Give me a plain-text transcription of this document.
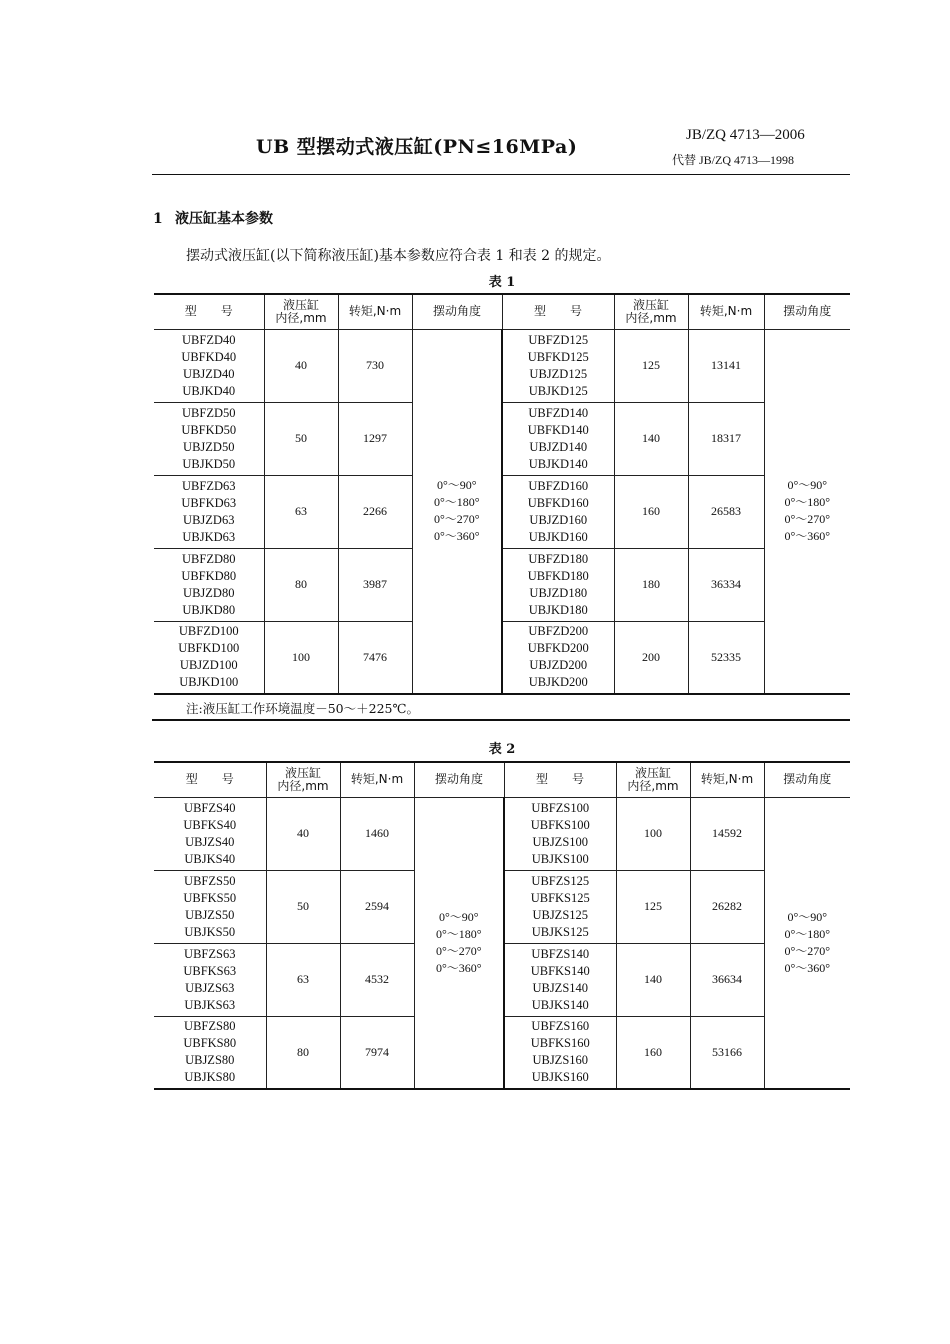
UB 型摆动式液压缸(PN≤16MPa)
JB/ZQ 4713—2006
代替 JB/ZQ 4713—1998
1 液压缸基本参数
摆动式液压缸(以下简称液压缸)基本参数应符合表 1 和表 2 的规定。
表 1
型　　号	液压缸
内径,mm	转矩,N·m	摆动角度	型　　号	液压缸
内径,mm	转矩,N·m	摆动角度

UBFZD40
UBFKD40
UBJZD40
UBJKD40	40	730	0°～90°
0°～180°
0°～270°
0°～360°	UBFZD125
UBFKD125
UBJZD125
UBJKD125	125	13141	0°～90°
0°～180°
0°～270°
0°～360°

UBFZD50
UBFKD50
UBJZD50
UBJKD50	50	1297		UBFZD140
UBFKD140
UBJZD140
UBJKD140	140	18317	

UBFZD63
UBFKD63
UBJZD63
UBJKD63	63	2266		UBFZD160
UBFKD160
UBJZD160
UBJKD160	160	26583	

UBFZD80
UBFKD80
UBJZD80
UBJKD80	80	3987		UBFZD180
UBFKD180
UBJZD180
UBJKD180	180	36334	

UBFZD100
UBFKD100
UBJZD100
UBJKD100	100	7476		UBFZD200
UBFKD200
UBJZD200
UBJKD200	200	52335	
注:液压缸工作环境温度－50～＋225℃。
表 2
型　　号	液压缸
内径,mm	转矩,N·m	摆动角度	型　　号	液压缸
内径,mm	转矩,N·m	摆动角度

UBFZS40
UBFKS40
UBJZS40
UBJKS40	40	1460	0°～90°
0°～180°
0°～270°
0°～360°	UBFZS100
UBFKS100
UBJZS100
UBJKS100	100	14592	0°～90°
0°～180°
0°～270°
0°～360°

UBFZS50
UBFKS50
UBJZS50
UBJKS50	50	2594		UBFZS125
UBFKS125
UBJZS125
UBJKS125	125	26282	

UBFZS63
UBFKS63
UBJZS63
UBJKS63	63	4532		UBFZS140
UBFKS140
UBJZS140
UBJKS140	140	36634	

UBFZS80
UBFKS80
UBJZS80
UBJKS80	80	7974		UBFZS160
UBFKS160
UBJZS160
UBJKS160	160	53166	
